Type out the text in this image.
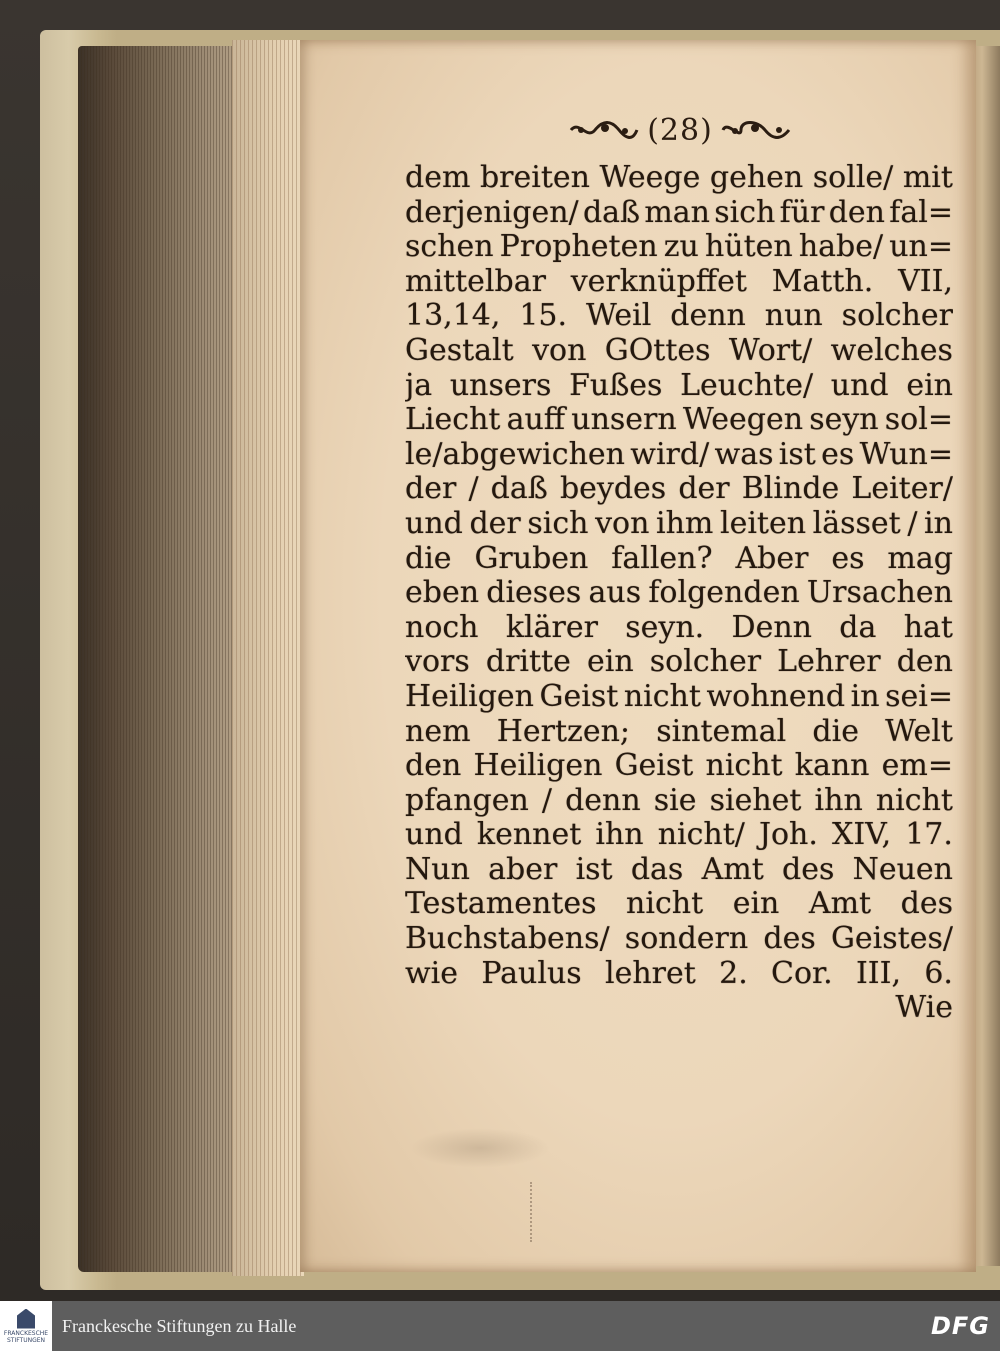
(28)
dem breiten Weege gehen solle/ mit
derjenigen/ daß man sich für den fal=
schen Propheten zu hüten habe/ un=
mittelbar verknüpffet Matth. VII,
13,14, 15. Weil denn nun solcher
Gestalt von GOttes Wort/ welches
ja unsers Fußes Leuchte/ und ein
Liecht auff unsern Weegen seyn sol=
le/abgewichen wird/ was ist es Wun=
der / daß beydes der Blinde Leiter/
und der sich von ihm leiten lässet / in
die Gruben fallen? Aber es mag
eben dieses aus folgenden Ursachen
noch klärer seyn. Denn da hat
vors dritte ein solcher Lehrer den
Heiligen Geist nicht wohnend in sei=
nem Hertzen; sintemal die Welt
den Heiligen Geist nicht kann em=
pfangen / denn sie siehet ihn nicht
und kennet ihn nicht/ Joh. XIV, 17.
Nun aber ist das Amt des Neuen
Testamentes nicht ein Amt des
Buchstabens/ sondern des Geistes/
wie Paulus lehret 2. Cor. III, 6.
Wie
FRANCKESCHE STIFTUNGEN
Franckesche Stiftungen zu Halle	DFG
